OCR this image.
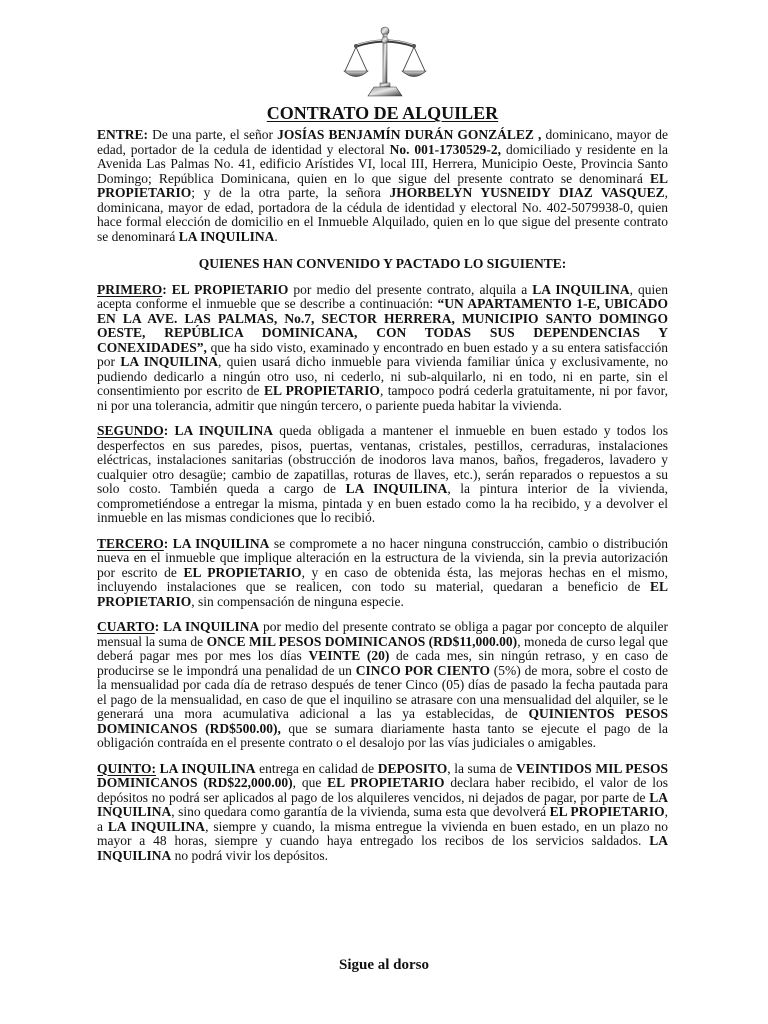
CONTRATO DE ALQUILER

ENTRE: De una parte, el señor JOSÍAS BENJAMÍN DURÁN GONZÁLEZ , dominicano, mayor de edad, portador de la cedula de identidad y electoral No. 001-1730529-2, domiciliado y residente en la Avenida Las Palmas No. 41, edificio Arístides VI, local III, Herrera, Municipio Oeste, Provincia Santo Domingo; República Dominicana, quien en lo que sigue del presente contrato se denominará EL PROPIETARIO; y de la otra parte, la señora JHORBELYN YUSNEIDY DIAZ VASQUEZ, dominicana, mayor de edad, portadora de la cédula de identidad y electoral No. 402-5079938-0, quien hace formal elección de domicilio en el Inmueble Alquilado, quien en lo que sigue del presente contrato se denominará LA INQUILINA.

QUIENES HAN CONVENIDO Y PACTADO LO SIGUIENTE:

PRIMERO: EL PROPIETARIO por medio del presente contrato, alquila a LA INQUILINA, quien acepta conforme el inmueble que se describe a continuación: “UN APARTAMENTO 1-E, UBICADO EN LA AVE. LAS PALMAS, No.7, SECTOR HERRERA, MUNICIPIO SANTO DOMINGO OESTE, REPÚBLICA DOMINICANA, CON TODAS SUS DEPENDENCIAS Y CONEXIDADES”, que ha sido visto, examinado y encontrado en buen estado y a su entera satisfacción por LA INQUILINA, quien usará dicho inmueble para vivienda familiar única y exclusivamente, no pudiendo dedicarlo a ningún otro uso, ni cederlo, ni sub-alquilarlo, ni en todo, ni en parte, sin el consentimiento por escrito de EL PROPIETARIO, tampoco podrá cederla gratuitamente, ni por favor, ni por una tolerancia, admitir que ningún tercero, o pariente pueda habitar la vivienda.

SEGUNDO: LA INQUILINA queda obligada a mantener el inmueble en buen estado y todos los desperfectos en sus paredes, pisos, puertas, ventanas, cristales, pestillos, cerraduras, instalaciones eléctricas, instalaciones sanitarias (obstrucción de inodoros lava manos, baños, fregaderos, lavadero y cualquier otro desagüe; cambio de zapatillas, roturas de llaves, etc.), serán reparados o repuestos a su solo costo. También queda a cargo de LA INQUILINA, la pintura interior de la vivienda, comprometiéndose a entregar la misma, pintada y en buen estado como la ha recibido, y a devolver el inmueble en las mismas condiciones que lo recibió.

TERCERO: LA INQUILINA se compromete a no hacer ninguna construcción, cambio o distribución nueva en el inmueble que implique alteración en la estructura de la vivienda, sin la previa autorización por escrito de EL PROPIETARIO, y en caso de obtenida ésta, las mejoras hechas en el mismo, incluyendo instalaciones que se realicen, con todo su material, quedaran a beneficio de EL PROPIETARIO, sin compensación de ninguna especie.

CUARTO: LA INQUILINA por medio del presente contrato se obliga a pagar por concepto de alquiler mensual la suma de ONCE MIL PESOS DOMINICANOS (RD$11,000.00), moneda de curso legal que deberá pagar mes por mes los días VEINTE (20) de cada mes, sin ningún retraso, y en caso de producirse se le impondrá una penalidad de un CINCO POR CIENTO (5%) de mora, sobre el costo de la mensualidad por cada día de retraso después de tener Cinco (05) días de pasado la fecha pautada para el pago de la mensualidad, en caso de que el inquilino se atrasare con una mensualidad del alquiler, se le generará una mora acumulativa adicional a las ya establecidas, de QUINIENTOS PESOS DOMINICANOS (RD$500.00), que se sumara diariamente hasta tanto se ejecute el pago de la obligación contraída en el presente contrato o el desalojo por las vías judiciales o amigables.

QUINTO: LA INQUILINA entrega en calidad de DEPOSITO, la suma de VEINTIDOS MIL PESOS DOMINICANOS (RD$22,000.00), que EL PROPIETARIO declara haber recibido, el valor de los depósitos no podrá ser aplicados al pago de los alquileres vencidos, ni dejados de pagar, por parte de LA INQUILINA, sino quedara como garantía de la vivienda, suma esta que devolverá EL PROPIETARIO, a LA INQUILINA, siempre y cuando, la misma entregue la vivienda en buen estado, en un plazo no mayor a 48 horas, siempre y cuando haya entregado los recibos de los servicios saldados. LA INQUILINA no podrá vivir los depósitos.

Sigue al dorso
